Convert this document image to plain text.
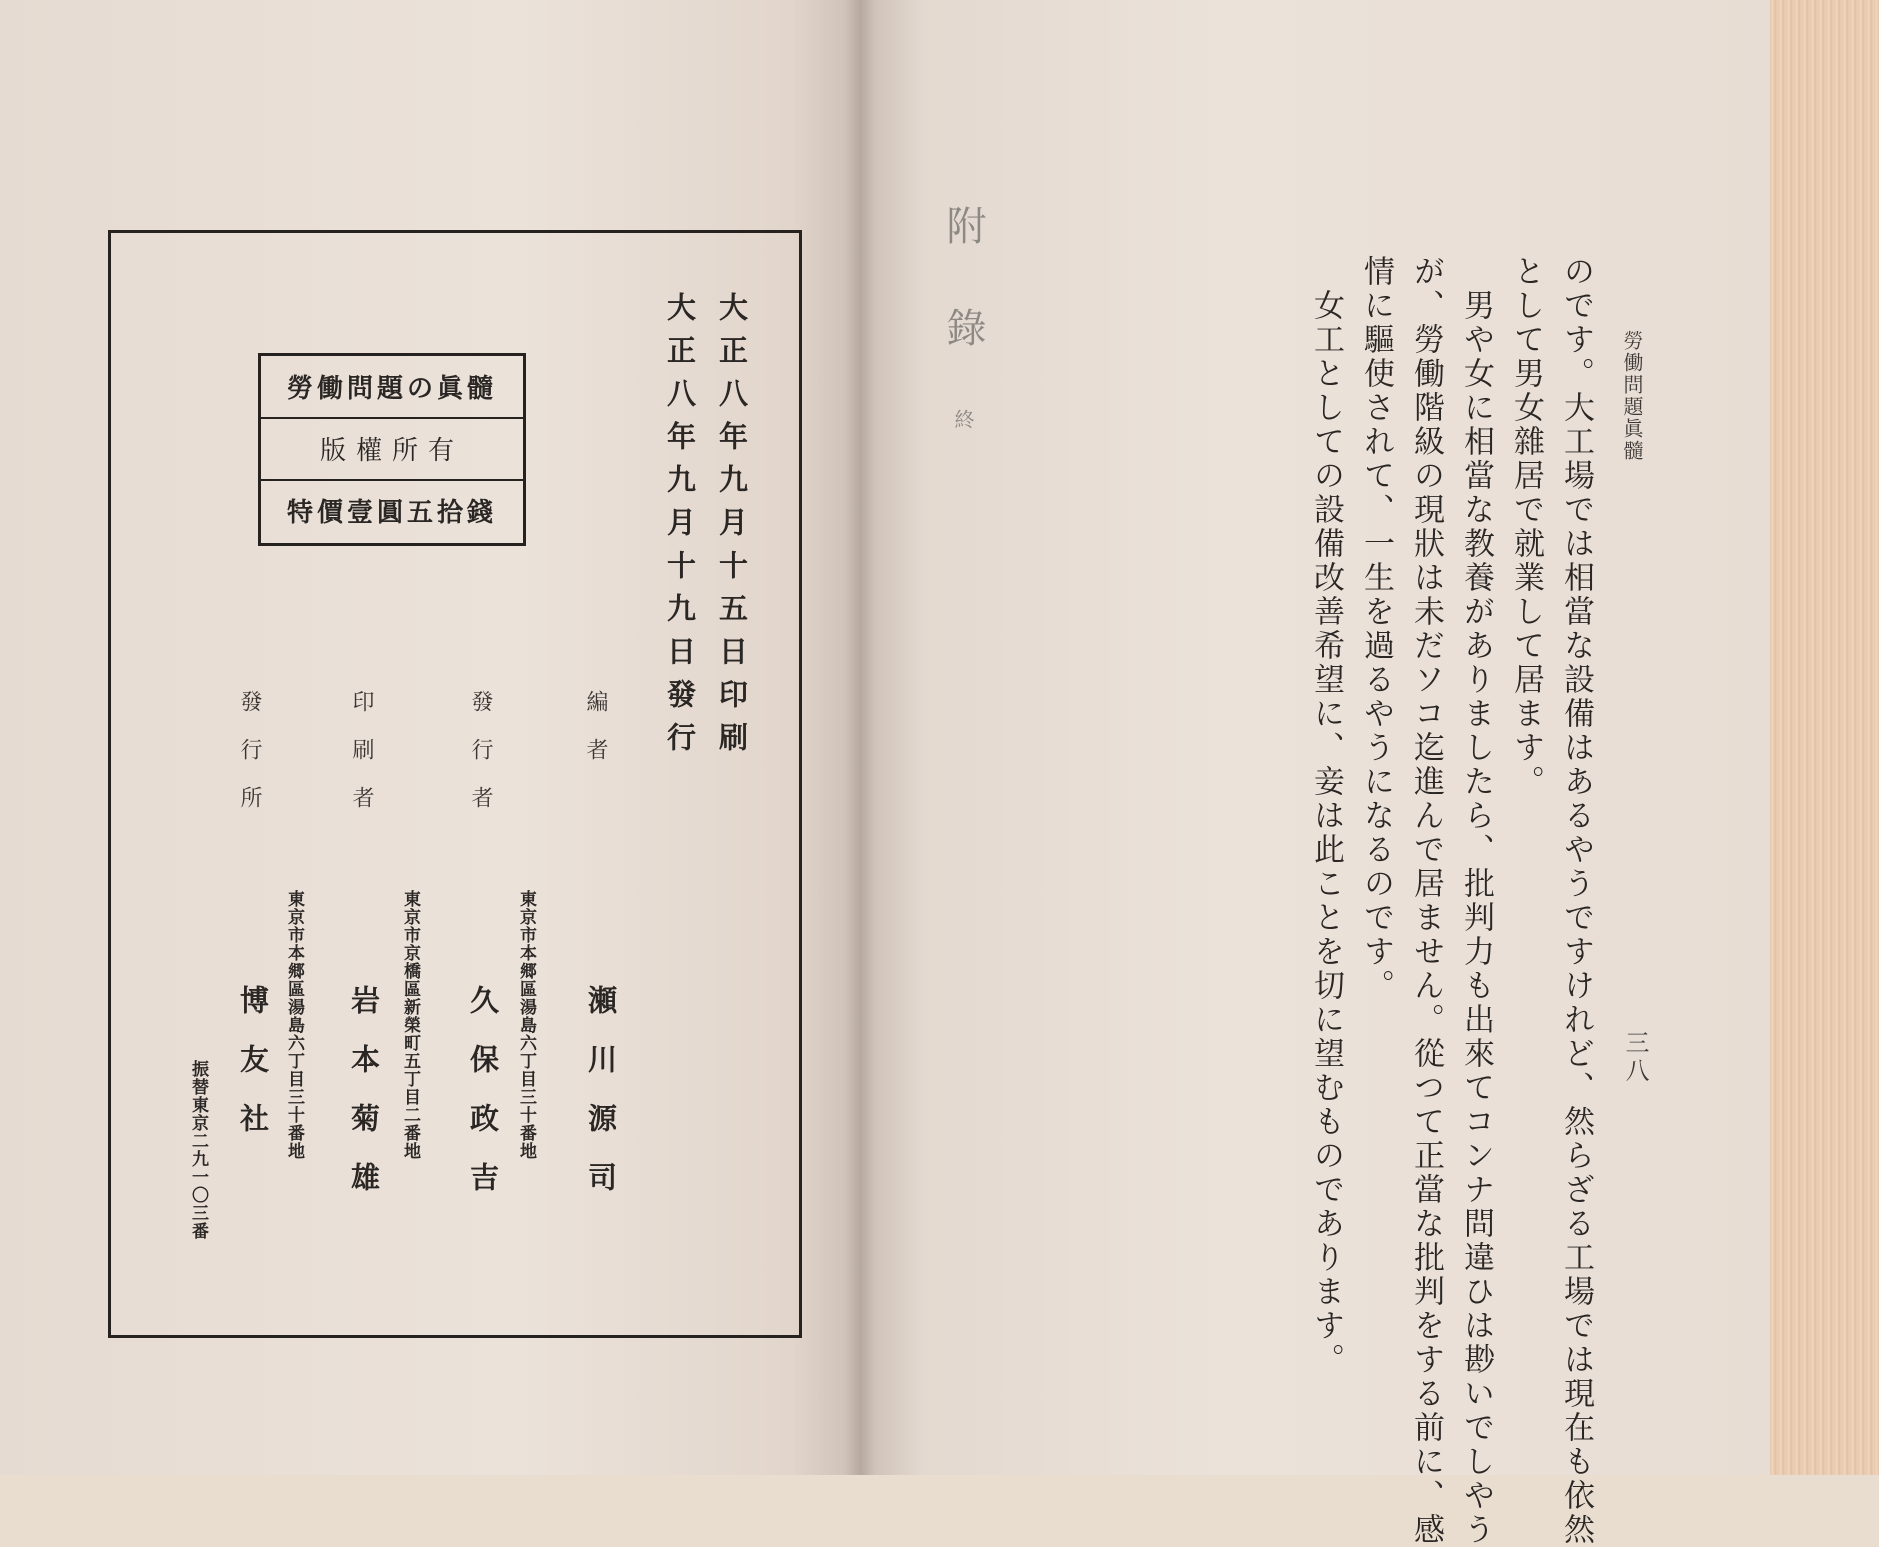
勞働問題の眞髓
版權所有
特價壹圓五拾錢	大正八年九月十五日印刷
大正八年九月十九日發行
編者
東京市本郷區湯島六丁目三十番地 瀬川源司
發行者
久保政吉
印刷者
東京市京橋區新榮町五丁目二番地
岩本菊雄
發行所
東京市本郷區湯島六丁目三十番地
博友社
振替東京二九一〇三番
附錄終	勞働問題眞髓
三八
のです。大工場では相當な設備はあるやうですけれど、然らざる工場では現在も依然
として男女雜居で就業して居ます。
　男や女に相當な教養がありましたら、批判力も出來てコンナ問違ひは尠いでしやう
が、勞働階級の現狀は未だソコ迄進んで居ません。從つて正當な批判をする前に、感
情に驅使されて、一生を過るやうになるのです。
　女工としての設備改善希望に、妾は此ことを切に望むものであります。
